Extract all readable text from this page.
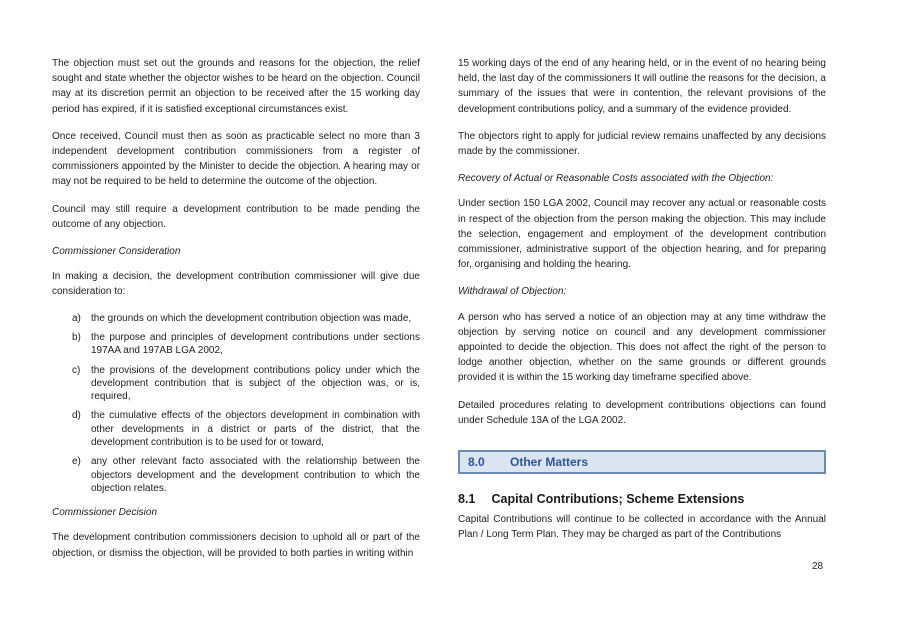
The objection must set out the grounds and reasons for the objection, the relief sought and state whether the objector wishes to be heard on the objection. Council may at its discretion permit an objection to be received after the 15 working day period has expired, if it is satisfied exceptional circumstances exist.

Once received, Council must then as soon as practicable select no more than 3 independent development contribution commissioners from a register of commissioners appointed by the Minister to decide the objection. A hearing may or may not be required to be held to determine the outcome of the objection.

Council may still require a development contribution to be made pending the outcome of any objection.

Commissioner Consideration

In making a decision, the development contribution commissioner will give due consideration to:

a) the grounds on which the development contribution objection was made,
b) the purpose and principles of development contributions under sections 197AA and 197AB LGA 2002,
c) the provisions of the development contributions policy under which the development contribution that is subject of the objection was, or is, required,
d) the cumulative effects of the objectors development in combination with other developments in a district or parts of the district, that the development contribution is to be used for or toward,
e) any other relevant facto associated with the relationship between the objectors development and the development contribution to which the objection relates.

Commissioner Decision

The development contribution commissioners decision to uphold all or part of the objection, or dismiss the objection, will be provided to both parties in writing within

15 working days of the end of any hearing held, or in the event of no hearing being held, the last day of the commissioners It will outline the reasons for the decision, a summary of the issues that were in contention, the relevant provisions of the development contributions policy, and a summary of the evidence provided.

The objectors right to apply for judicial review remains unaffected by any decisions made by the commissioner.

Recovery of Actual or Reasonable Costs associated with the Objection:

Under section 150 LGA 2002, Council may recover any actual or reasonable costs in respect of the objection from the person making the objection. This may include the selection, engagement and employment of the development contribution commissioner, administrative support of the objection hearing, and for preparing for, organising and holding the hearing.

Withdrawal of Objection:

A person who has served a notice of an objection may at any time withdraw the objection by serving notice on council and any development commissioner appointed to decide the objection. This does not affect the right of the person to lodge another objection, whether on the same grounds or different grounds provided it is within the 15 working day timeframe specified above.

Detailed procedures relating to development contributions objections can found under Schedule 13A of the LGA 2002.

8.0	Other Matters
8.1 Capital Contributions; Scheme Extensions

Capital Contributions will continue to be collected in accordance with the Annual Plan / Long Term Plan. They may be charged as part of the Contributions

28
